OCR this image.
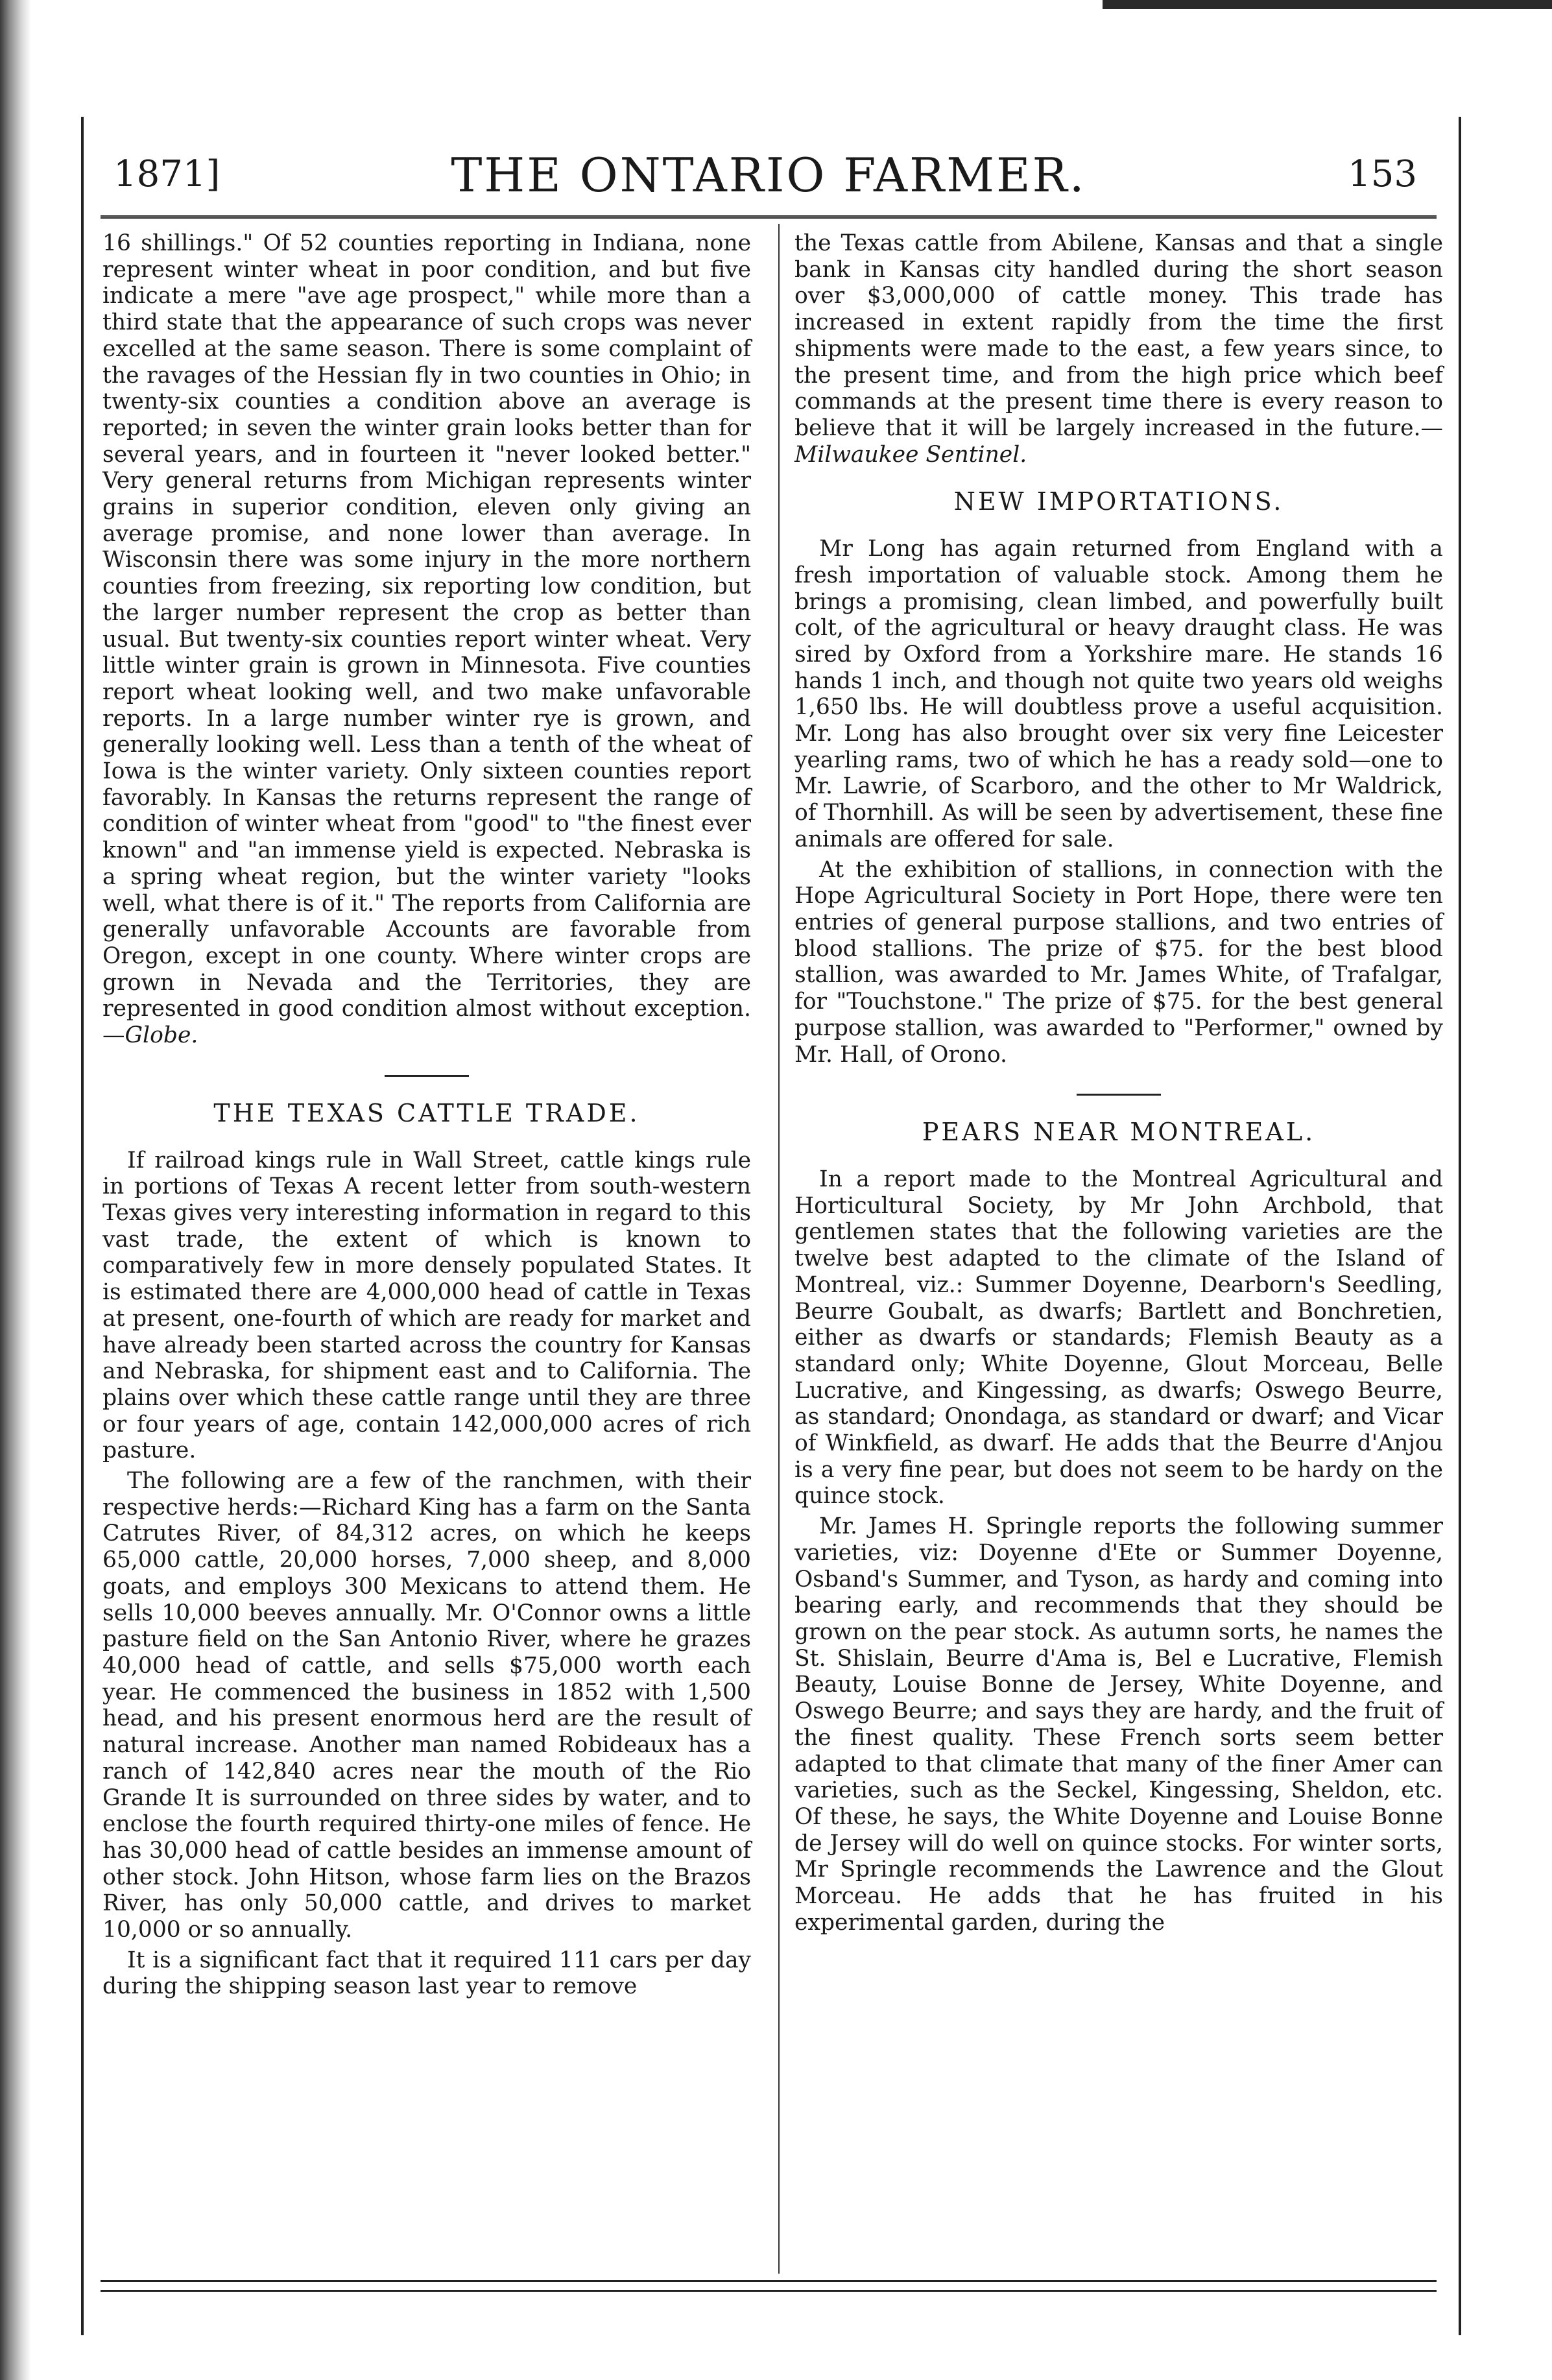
1871]	THE ONTARIO FARMER.	153

16 shillings." Of 52 counties reporting in Indiana, none represent winter wheat in poor condition, and but five indicate a mere "ave age prospect," while more than a third state that the appearance of such crops was never excelled at the same season. There is some complaint of the ravages of the Hessian fly in two counties in Ohio; in twenty-six counties a condition above an average is reported; in seven the winter grain looks better than for several years, and in fourteen it "never looked better." Very general returns from Michigan represents winter grains in superior condition, eleven only giving an average promise, and none lower than average. In Wisconsin there was some injury in the more northern counties from freezing, six reporting low condition, but the larger number represent the crop as better than usual. But twenty-six counties report winter wheat. Very little winter grain is grown in Minnesota. Five counties report wheat looking well, and two make unfavorable reports. In a large number winter rye is grown, and generally looking well. Less than a tenth of the wheat of Iowa is the winter variety. Only sixteen counties report favorably. In Kansas the returns represent the range of condition of winter wheat from "good" to "the finest ever known" and "an immense yield is expected. Nebraska is a spring wheat region, but the winter variety "looks well, what there is of it." The reports from California are generally unfavorable Accounts are favorable from Oregon, except in one county. Where winter crops are grown in Nevada and the Territories, they are represented in good condition almost without exception.—Globe.

THE TEXAS CATTLE TRADE.

If railroad kings rule in Wall Street, cattle kings rule in portions of Texas A recent letter from south-western Texas gives very interesting information in regard to this vast trade, the extent of which is known to comparatively few in more densely populated States. It is estimated there are 4,000,000 head of cattle in Texas at present, one-fourth of which are ready for market and have already been started across the country for Kansas and Nebraska, for shipment east and to California. The plains over which these cattle range until they are three or four years of age, contain 142,000,000 acres of rich pasture.

The following are a few of the ranchmen, with their respective herds:—Richard King has a farm on the Santa Catrutes River, of 84,312 acres, on which he keeps 65,000 cattle, 20,000 horses, 7,000 sheep, and 8,000 goats, and employs 300 Mexicans to attend them. He sells 10,000 beeves annually. Mr. O'Connor owns a little pasture field on the San Antonio River, where he grazes 40,000 head of cattle, and sells $75,000 worth each year. He commenced the business in 1852 with 1,500 head, and his present enormous herd are the result of natural increase. Another man named Robideaux has a ranch of 142,840 acres near the mouth of the Rio Grande It is surrounded on three sides by water, and to enclose the fourth required thirty-one miles of fence. He has 30,000 head of cattle besides an immense amount of other stock. John Hitson, whose farm lies on the Brazos River, has only 50,000 cattle, and drives to market 10,000 or so annually.

It is a significant fact that it required 111 cars per day during the shipping season last year to remove

the Texas cattle from Abilene, Kansas and that a single bank in Kansas city handled during the short season over $3,000,000 of cattle money. This trade has increased in extent rapidly from the time the first shipments were made to the east, a few years since, to the present time, and from the high price which beef commands at the present time there is every reason to believe that it will be largely increased in the future.—Milwaukee Sentinel.

NEW IMPORTATIONS.

Mr Long has again returned from England with a fresh importation of valuable stock. Among them he brings a promising, clean limbed, and powerfully built colt, of the agricultural or heavy draught class. He was sired by Oxford from a Yorkshire mare. He stands 16 hands 1 inch, and though not quite two years old weighs 1,650 lbs. He will doubtless prove a useful acquisition. Mr. Long has also brought over six very fine Leicester yearling rams, two of which he has a ready sold—one to Mr. Lawrie, of Scarboro, and the other to Mr Waldrick, of Thornhill. As will be seen by advertisement, these fine animals are offered for sale.

At the exhibition of stallions, in connection with the Hope Agricultural Society in Port Hope, there were ten entries of general purpose stallions, and two entries of blood stallions. The prize of $75. for the best blood stallion, was awarded to Mr. James White, of Trafalgar, for "Touchstone." The prize of $75. for the best general purpose stallion, was awarded to "Performer," owned by Mr. Hall, of Orono.

PEARS NEAR MONTREAL.

In a report made to the Montreal Agricultural and Horticultural Society, by Mr John Archbold, that gentlemen states that the following varieties are the twelve best adapted to the climate of the Island of Montreal, viz.: Summer Doyenne, Dearborn's Seedling, Beurre Goubalt, as dwarfs; Bartlett and Bonchretien, either as dwarfs or standards; Flemish Beauty as a standard only; White Doyenne, Glout Morceau, Belle Lucrative, and Kingessing, as dwarfs; Oswego Beurre, as standard; Onondaga, as standard or dwarf; and Vicar of Winkfield, as dwarf. He adds that the Beurre d'Anjou is a very fine pear, but does not seem to be hardy on the quince stock.

Mr. James H. Springle reports the following summer varieties, viz: Doyenne d'Ete or Summer Doyenne, Osband's Summer, and Tyson, as hardy and coming into bearing early, and recommends that they should be grown on the pear stock. As autumn sorts, he names the St. Shislain, Beurre d'Ama is, Bel e Lucrative, Flemish Beauty, Louise Bonne de Jersey, White Doyenne, and Oswego Beurre; and says they are hardy, and the fruit of the finest quality. These French sorts seem better adapted to that climate that many of the finer Amer can varieties, such as the Seckel, Kingessing, Sheldon, etc. Of these, he says, the White Doyenne and Louise Bonne de Jersey will do well on quince stocks. For winter sorts, Mr Springle recommends the Lawrence and the Glout Morceau. He adds that he has fruited in his experimental garden, during the
